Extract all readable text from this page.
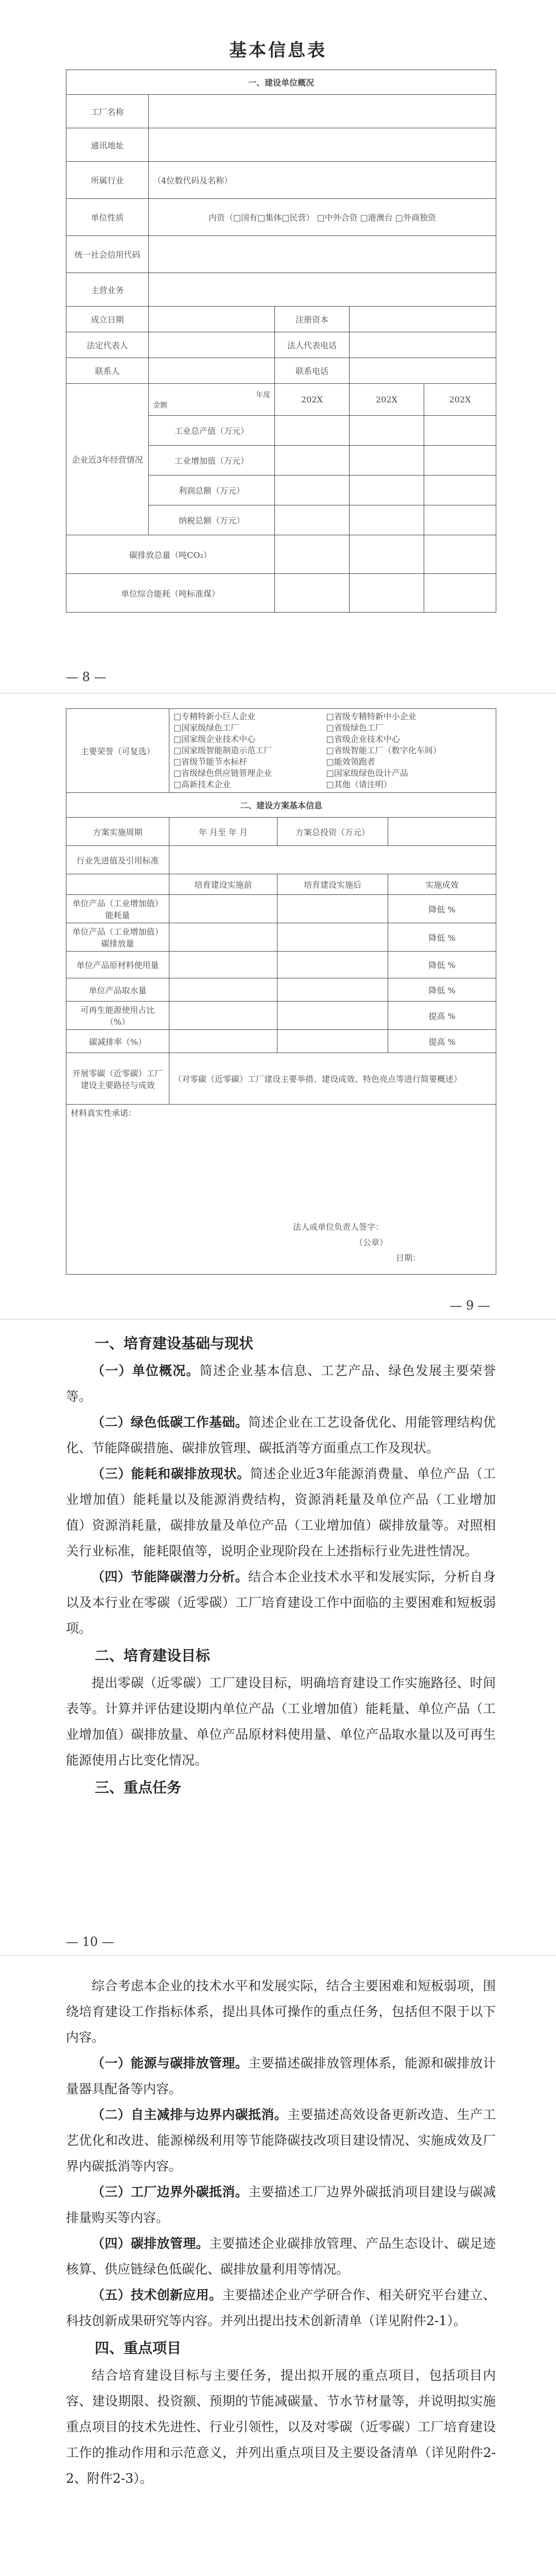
基本信息表
一、建设单位概况				
工厂名称				
通讯地址				
所属行业	（4位数代码及名称）			
单位性质	内资（□国有□集体□民营） □中外合资 □港澳台 □外商独资			
统一社会信用代码				
主营业务				
成立日期		注册资本		
法定代表人		法人代表电话		
联系人		联系电话		
企业近3年经营情况	年度
金额	202X	202X	202X
	工业总产值（万元）			
	工业增加值（万元）			
	利润总额（万元）			
	纳税总额（万元）			
碳排放总量（吨CO₂）				
单位综合能耗（吨标准煤）				
— 8 —
主要荣誉（可复选）	□专精特新小巨人企业 □省级专精特新中小企业□国家级绿色工厂 □省级绿色工厂□国家级企业技术中心 □省级企业技术中心□国家级智能制造示范工厂 □省级智能工厂（数字化车间）□省级节能节水标杆 □能效领跑者□省级绿色供应链管理企业 □国家级绿色设计产品□高新技术企业 □其他（请注明）		
二、建设方案基本信息			
方案实施周期	年 月至 年 月	方案总投资（万元）	
行业先进值及引用标准			
	培育建设实施前	培育建设实施后	实施成效
单位产品（工业增加值）能耗量			降低 %
单位产品（工业增加值）碳排放量			降低 %
单位产品原材料使用量			降低 %
单位产品取水量			降低 %
可再生能源使用占比（%）			提高 %
碳减排率（%）			提高 %
开展零碳（近零碳）工厂建设主要路径与成效	（对零碳（近零碳）工厂建设主要举措、建设成效、特色亮点等进行简要概述）		

材料真实性承诺：
法人或单位负责人签字：
（公章）
日期：			
— 9 —
一、培育建设基础与现状

（一）单位概况。简述企业基本信息、工艺产品、绿色发展主要荣誉等。

（二）绿色低碳工作基础。简述企业在工艺设备优化、用能管理结构优化、节能降碳措施、碳排放管理、碳抵消等方面重点工作及现状。

（三）能耗和碳排放现状。简述企业近3年能源消费量、单位产品（工业增加值）能耗量以及能源消费结构，资源消耗量及单位产品（工业增加值）资源消耗量，碳排放量及单位产品（工业增加值）碳排放量等。对照相关行业标准，能耗限值等，说明企业现阶段在上述指标行业先进性情况。

（四）节能降碳潜力分析。结合本企业技术水平和发展实际，分析自身以及本行业在零碳（近零碳）工厂培育建设工作中面临的主要困难和短板弱项。

二、培育建设目标

提出零碳（近零碳）工厂建设目标，明确培育建设工作实施路径、时间表等。计算并评估建设期内单位产品（工业增加值）能耗量、单位产品（工业增加值）碳排放量、单位产品原材料使用量、单位产品取水量以及可再生能源使用占比变化情况。

三、重点任务
— 10 —

综合考虑本企业的技术水平和发展实际，结合主要困难和短板弱项，围绕培育建设工作指标体系，提出具体可操作的重点任务，包括但不限于以下内容。

（一）能源与碳排放管理。主要描述碳排放管理体系，能源和碳排放计量器具配备等内容。

（二）自主减排与边界内碳抵消。主要描述高效设备更新改造、生产工艺优化和改进、能源梯级利用等节能降碳技改项目建设情况、实施成效及厂界内碳抵消等内容。

（三）工厂边界外碳抵消。主要描述工厂边界外碳抵消项目建设与碳减排量购买等内容。

（四）碳排放管理。主要描述企业碳排放管理、产品生态设计、碳足迹核算、供应链绿色低碳化、碳排放量利用等情况。

（五）技术创新应用。主要描述企业产学研合作、相关研究平台建立、科技创新成果研究等内容。并列出提出技术创新清单（详见附件2-1）。

四、重点项目

结合培育建设目标与主要任务，提出拟开展的重点项目，包括项目内容、建设期限、投资额、预期的节能减碳量、节水节材量等，并说明拟实施重点项目的技术先进性、行业引领性，以及对零碳（近零碳）工厂培育建设工作的推动作用和示范意义，并列出重点项目及主要设备清单（详见附件2-2、附件2-3）。
